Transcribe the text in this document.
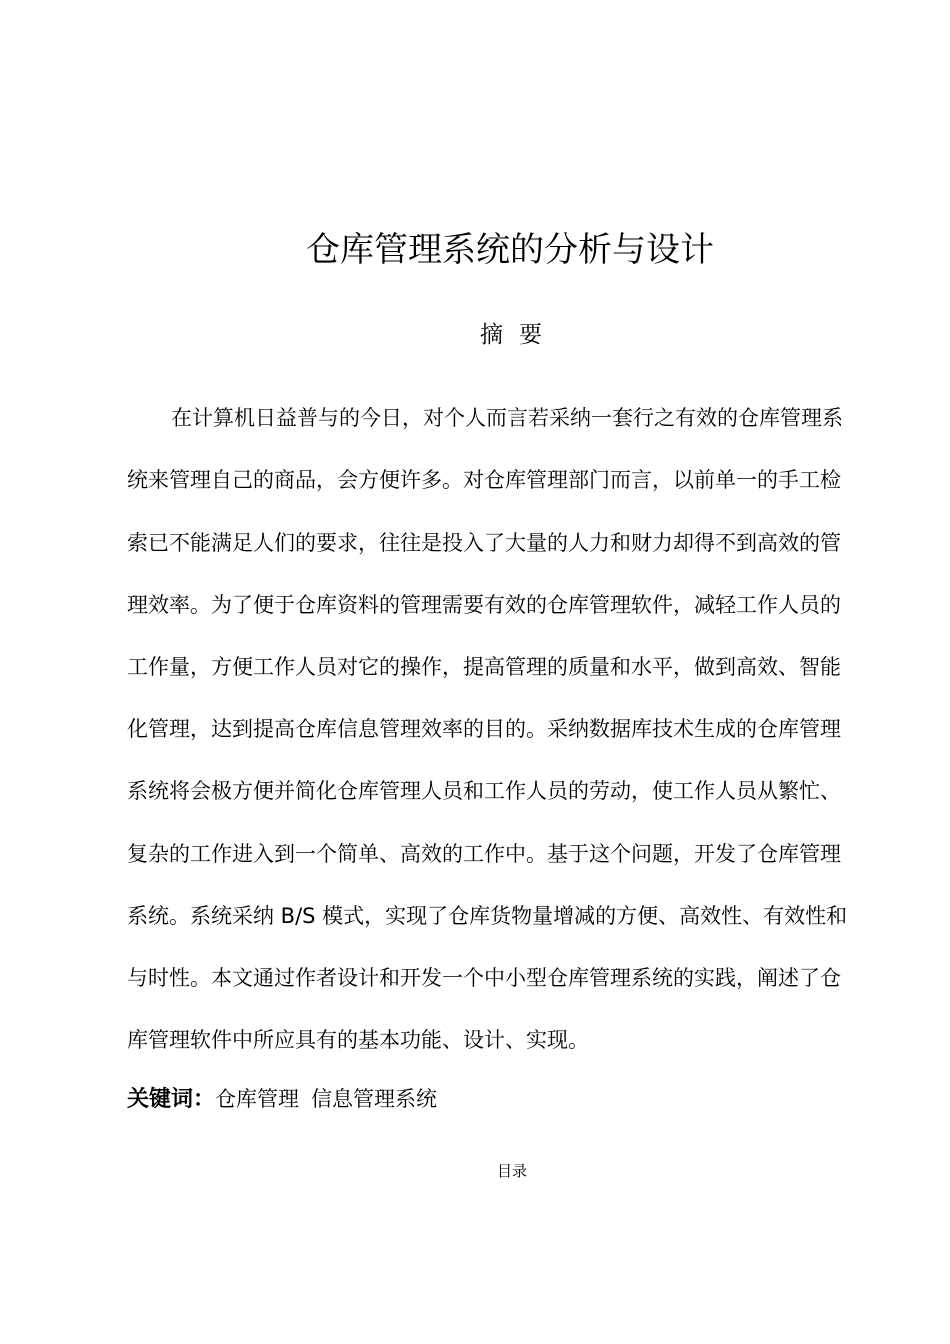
仓库管理系统的分析与设计
摘 要
在计算机日益普与的今日，对个人而言若采纳一套行之有效的仓库管理系
统来管理自己的商品，会方便许多。对仓库管理部门而言，以前单一的手工检
索已不能满足人们的要求，往往是投入了大量的人力和财力却得不到高效的管
理效率。为了便于仓库资料的管理需要有效的仓库管理软件，减轻工作人员的
工作量，方便工作人员对它的操作，提高管理的质量和水平，做到高效、智能
化管理，达到提高仓库信息管理效率的目的。采纳数据库技术生成的仓库管理
系统将会极方便并简化仓库管理人员和工作人员的劳动，使工作人员从繁忙、
复杂的工作进入到一个简单、高效的工作中。基于这个问题，开发了仓库管理
系统。系统采纳 B/S 模式，实现了仓库货物量增减的方便、高效性、有效性和
与时性。本文通过作者设计和开发一个中小型仓库管理系统的实践，阐述了仓
库管理软件中所应具有的基本功能、设计、实现。
关键词：仓库管理 信息管理系统
目录
